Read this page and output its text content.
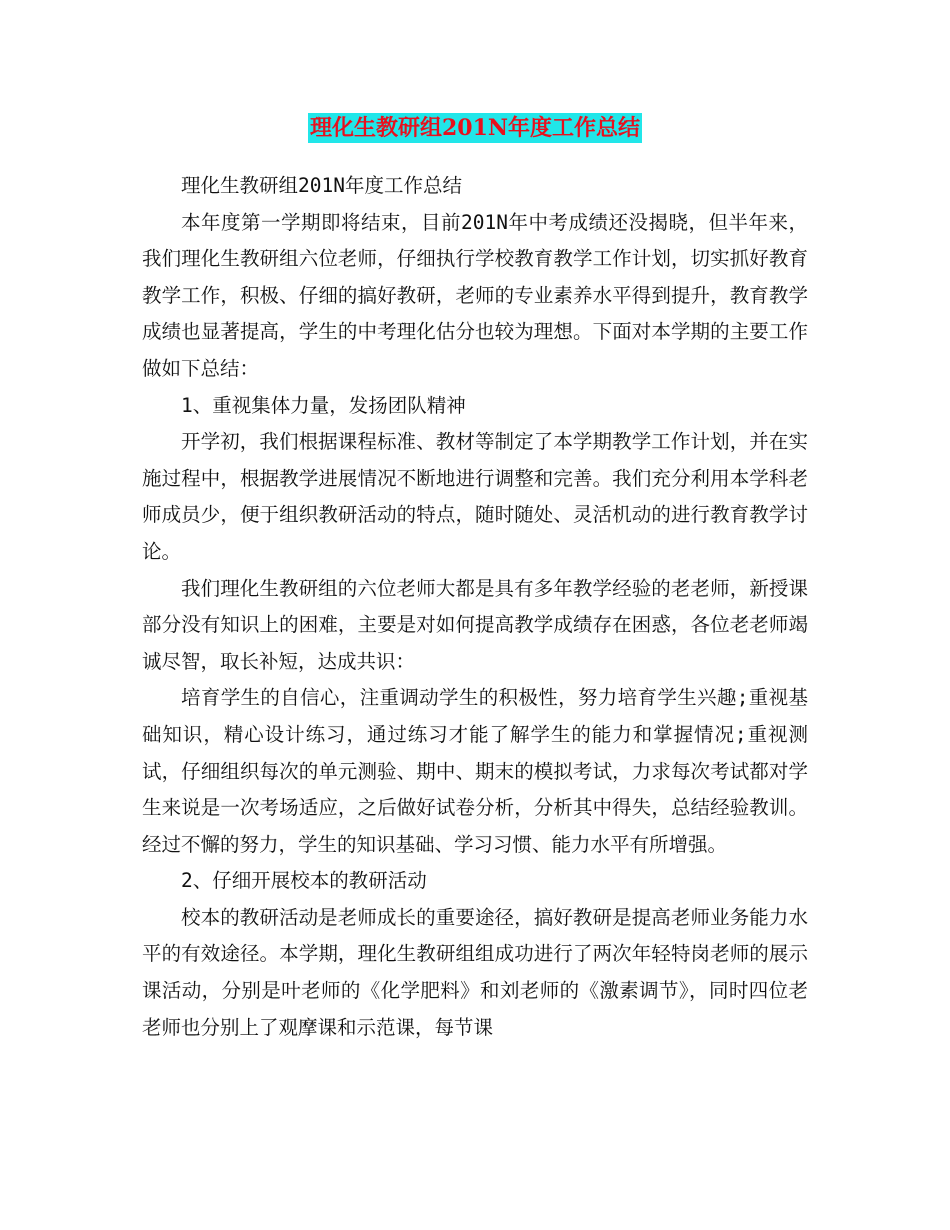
理化生教研组201N年度工作总结

理化生教研组201N年度工作总结

本年度第一学期即将结束，目前201N年中考成绩还没揭晓，但半年来，我们理化生教研组六位老师，仔细执行学校教育教学工作计划，切实抓好教育教学工作，积极、仔细的搞好教研，老师的专业素养水平得到提升，教育教学成绩也显著提高，学生的中考理化估分也较为理想。下面对本学期的主要工作做如下总结：

1、重视集体力量，发扬团队精神

开学初，我们根据课程标准、教材等制定了本学期教学工作计划，并在实施过程中，根据教学进展情况不断地进行调整和完善。我们充分利用本学科老师成员少，便于组织教研活动的特点，随时随处、灵活机动的进行教育教学讨论。

我们理化生教研组的六位老师大都是具有多年教学经验的老老师，新授课部分没有知识上的困难，主要是对如何提高教学成绩存在困惑，各位老老师竭诚尽智，取长补短，达成共识：

培育学生的自信心，注重调动学生的积极性，努力培育学生兴趣;重视基础知识，精心设计练习，通过练习才能了解学生的能力和掌握情况;重视测试，仔细组织每次的单元测验、期中、期末的模拟考试，力求每次考试都对学生来说是一次考场适应，之后做好试卷分析，分析其中得失，总结经验教训。经过不懈的努力，学生的知识基础、学习习惯、能力水平有所增强。

2、仔细开展校本的教研活动

校本的教研活动是老师成长的重要途径，搞好教研是提高老师业务能力水平的有效途径。本学期，理化生教研组组成功进行了两次年轻特岗老师的展示课活动，分别是叶老师的《化学肥料》和刘老师的《激素调节》，同时四位老老师也分别上了观摩课和示范课，每节课
